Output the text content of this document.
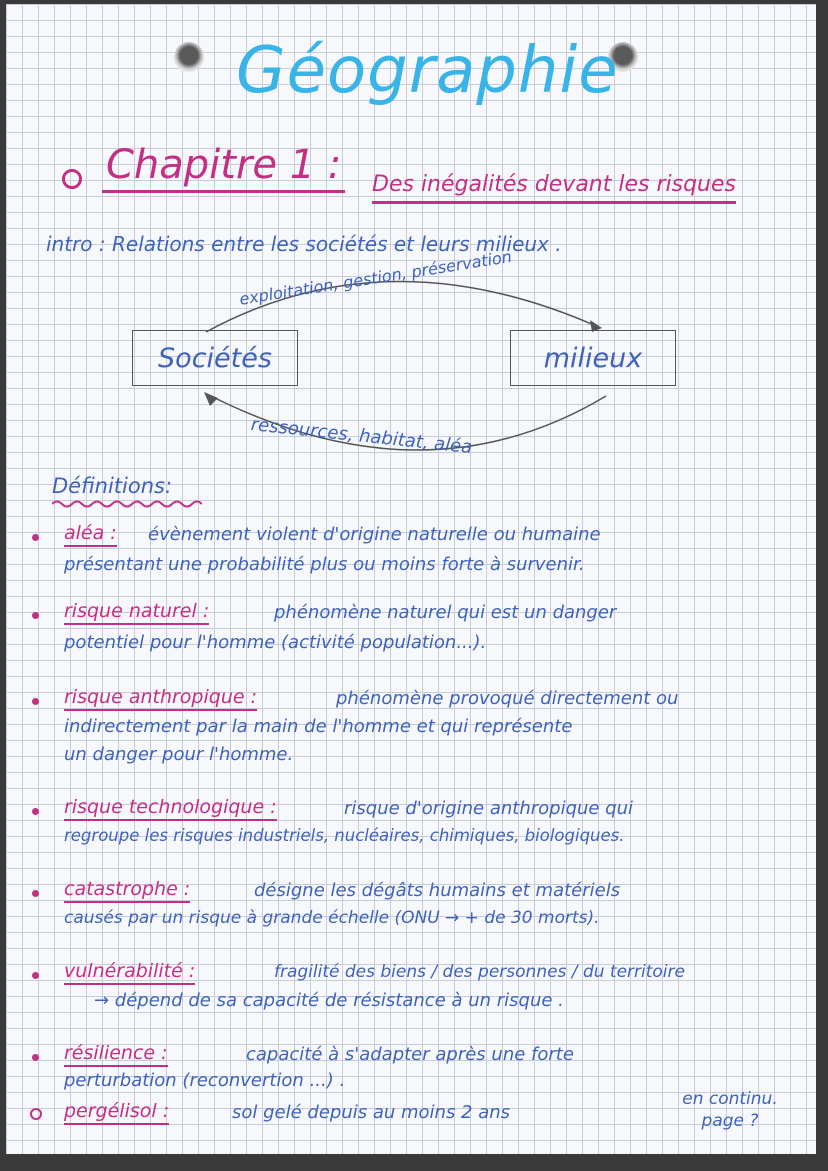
Géographie
Chapitre 1 : Des inégalités devant les risques
intro : Relations entre les sociétés et leurs milieux .
exploitation, gestion, préservation
ressources, habitat, aléa
Sociétés	milieux
Définitions:
aléa : évènement violent d'origine naturelle ou humaine
présentant une probabilité plus ou moins forte à survenir.
risque naturel :	phénomène naturel qui est un danger
potentiel pour l'homme (activité population...).
risque anthropique :	phénomène provoqué directement ou
indirectement par la main de l'homme et qui représente
un danger pour l'homme.
risque technologique :	risque d'origine anthropique qui
regroupe les risques industriels, nucléaires, chimiques, biologiques.
catastrophe :	désigne les dégâts humains et matériels
causés par un risque à grande échelle (ONU → + de 30 morts).
vulnérabilité :	fragilité des biens / des personnes / du territoire
→ dépend de sa capacité de résistance à un risque .
résilience :	capacité à s'adapter après une forte
perturbation (reconvertion ...) .
pergélisol :	sol gelé depuis au moins 2 ans
en continu. page ?
